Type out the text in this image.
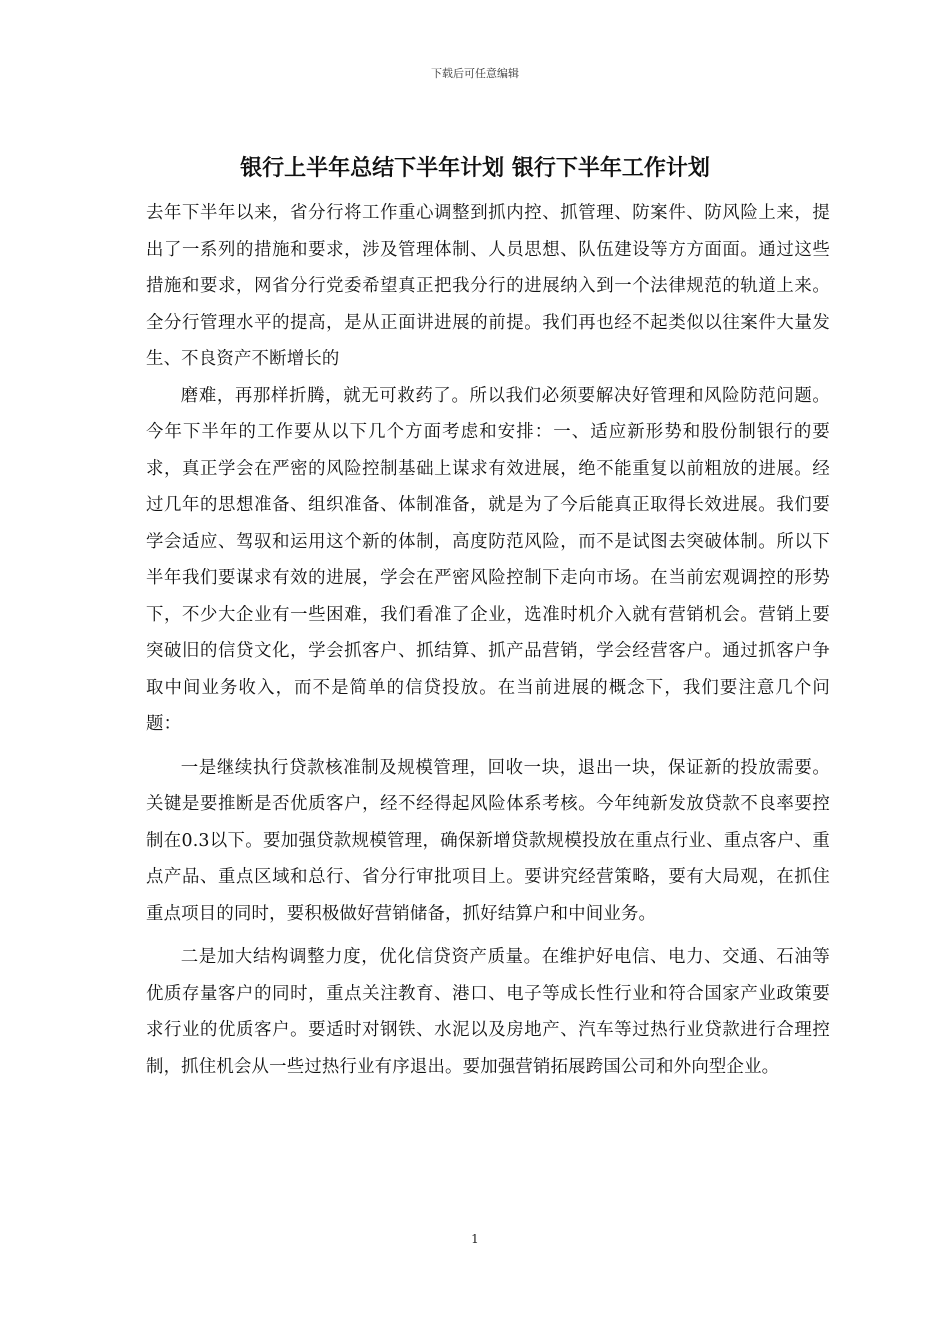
下载后可任意编辑
银行上半年总结下半年计划 银行下半年工作计划

去年下半年以来，省分行将工作重心调整到抓内控、抓管理、防案件、防风险上来，提出了一系列的措施和要求，涉及管理体制、人员思想、队伍建设等方方面面。通过这些措施和要求，网省分行党委希望真正把我分行的进展纳入到一个法律规范的轨道上来。全分行管理水平的提高，是从正面讲进展的前提。我们再也经不起类似以往案件大量发生、不良资产不断增长的

磨难，再那样折腾，就无可救药了。所以我们必须要解决好管理和风险防范问题。今年下半年的工作要从以下几个方面考虑和安排：一、适应新形势和股份制银行的要求，真正学会在严密的风险控制基础上谋求有效进展，绝不能重复以前粗放的进展。经过几年的思想准备、组织准备、体制准备，就是为了今后能真正取得长效进展。我们要学会适应、驾驭和运用这个新的体制，高度防范风险，而不是试图去突破体制。所以下半年我们要谋求有效的进展，学会在严密风险控制下走向市场。在当前宏观调控的形势下，不少大企业有一些困难，我们看准了企业，选准时机介入就有营销机会。营销上要突破旧的信贷文化，学会抓客户、抓结算、抓产品营销，学会经营客户。通过抓客户争取中间业务收入，而不是简单的信贷投放。在当前进展的概念下，我们要注意几个问题：

一是继续执行贷款核准制及规模管理，回收一块，退出一块，保证新的投放需要。关键是要推断是否优质客户，经不经得起风险体系考核。今年纯新发放贷款不良率要控制在0.3以下。要加强贷款规模管理，确保新增贷款规模投放在重点行业、重点客户、重点产品、重点区域和总行、省分行审批项目上。要讲究经营策略，要有大局观，在抓住重点项目的同时，要积极做好营销储备，抓好结算户和中间业务。

二是加大结构调整力度，优化信贷资产质量。在维护好电信、电力、交通、石油等优质存量客户的同时，重点关注教育、港口、电子等成长性行业和符合国家产业政策要求行业的优质客户。要适时对钢铁、水泥以及房地产、汽车等过热行业贷款进行合理控制，抓住机会从一些过热行业有序退出。要加强营销拓展跨国公司和外向型企业。

1
